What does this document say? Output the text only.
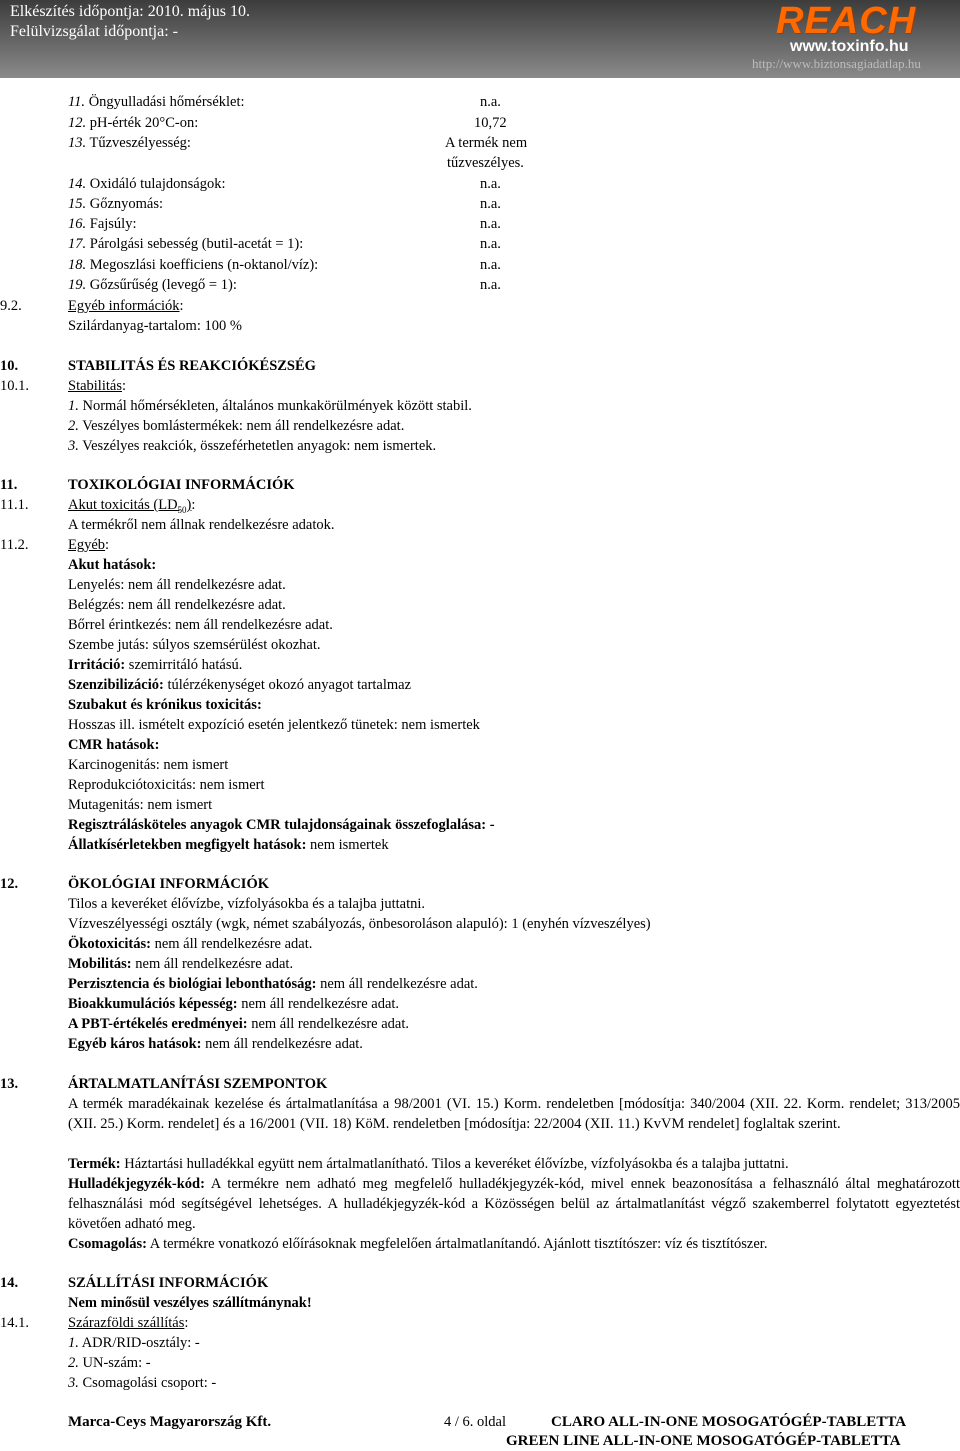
Elkészítés időpontja: 2010. május 10.
Felülvizsgálat időpontja: -	REACH
www.toxinfo.hu
http://www.biztonsagiadatlap.hu
11. Öngyulladási hőmérséklet:	n.a.
12. pH-érték 20°C-on:	10,72
13. Tűzveszélyesség:	A termék nem
tűzveszélyes.
14. Oxidáló tulajdonságok:	n.a.
15. Gőznyomás:	n.a.
16. Fajsúly:	n.a.
17. Párolgási sebesség (butil-acetát = 1):	n.a.
18. Megoszlási koefficiens (n-oktanol/víz):	n.a.
19. Gőzsűrűség (levegő = 1):	n.a.
9.2.	Egyéb információk:
Szilárdanyag-tartalom: 100 %
10.	STABILITÁS ÉS REAKCIÓKÉSZSÉG
10.1.	Stabilitás:
1. Normál hőmérsékleten, általános munkakörülmények között stabil.
2. Veszélyes bomlástermékek: nem áll rendelkezésre adat.
3. Veszélyes reakciók, összeférhetetlen anyagok: nem ismertek.
11.	TOXIKOLÓGIAI INFORMÁCIÓK
11.1.	Akut toxicitás $(LD_{50})$:
A termékről nem állnak rendelkezésre adatok.
11.2.	Egyéb:
Akut hatások:
Lenyelés: nem áll rendelkezésre adat.
Belégzés: nem áll rendelkezésre adat.
Bőrrel érintkezés: nem áll rendelkezésre adat.
Szembe jutás: súlyos szemsérülést okozhat.
Irritáció: szemirritáló hatású.
Szenzibilizáció: túlérzékenységet okozó anyagot tartalmaz
Szubakut és krónikus toxicitás:
Hosszas ill. ismételt expozíció esetén jelentkező tünetek: nem ismertek
CMR hatások:
Karcinogenitás: nem ismert
Reprodukciótoxicitás: nem ismert
Mutagenitás: nem ismert
Regisztrálásköteles anyagok CMR tulajdonságainak összefoglalása: -
Állatkísérletekben megfigyelt hatások: nem ismertek
12.	ÖKOLÓGIAI INFORMÁCIÓK
Tilos a keveréket élővízbe, vízfolyásokba és a talajba juttatni.
Vízveszélyességi osztály (wgk, német szabályozás, önbesoroláson alapuló): 1 (enyhén vízveszélyes)
Ökotoxicitás: nem áll rendelkezésre adat.
Mobilitás: nem áll rendelkezésre adat.
Perzisztencia és biológiai lebonthatóság: nem áll rendelkezésre adat.
Bioakkumulációs képesség: nem áll rendelkezésre adat.
A PBT-értékelés eredményei: nem áll rendelkezésre adat.
Egyéb káros hatások: nem áll rendelkezésre adat.
13.	ÁRTALMATLANÍTÁSI SZEMPONTOK
A termék maradékainak kezelése és ártalmatlanítása a 98/2001 (VI. 15.) Korm. rendeletben [módosítja: 340/2004 (XII. 22. Korm. rendelet; 313/2005 (XII. 25.) Korm. rendelet] és a 16/2001 (VII. 18) KöM. rendeletben [módosítja: 22/2004 (XII. 11.) KvVM rendelet] foglaltak szerint.
Termék: Háztartási hulladékkal együtt nem ártalmatlanítható. Tilos a keveréket élővízbe, vízfolyásokba és a talajba juttatni.
Hulladékjegyzék-kód: A termékre nem adható meg megfelelő hulladékjegyzék-kód, mivel ennek beazonosítása a felhasználó által meghatározott felhasználási mód segítségével lehetséges. A hulladékjegyzék-kód a Közösségen belül az ártalmatlanítást végző szakemberrel folytatott egyeztetést követően adható meg.
Csomagolás: A termékre vonatkozó előírásoknak megfelelően ártalmatlanítandó. Ajánlott tisztítószer: víz és tisztítószer.
14.	SZÁLLÍTÁSI INFORMÁCIÓK
Nem minősül veszélyes szállítmánynak!
14.1.	Szárazföldi szállítás:
1. ADR/RID-osztály: -
2. UN-szám: -
3. Csomagolási csoport: -
Marca-Ceys Magyarország Kft.	4 / 6. oldal	CLARO ALL-IN-ONE MOSOGATÓGÉP-TABLETTA
GREEN LINE ALL-IN-ONE MOSOGATÓGÉP-TABLETTA
